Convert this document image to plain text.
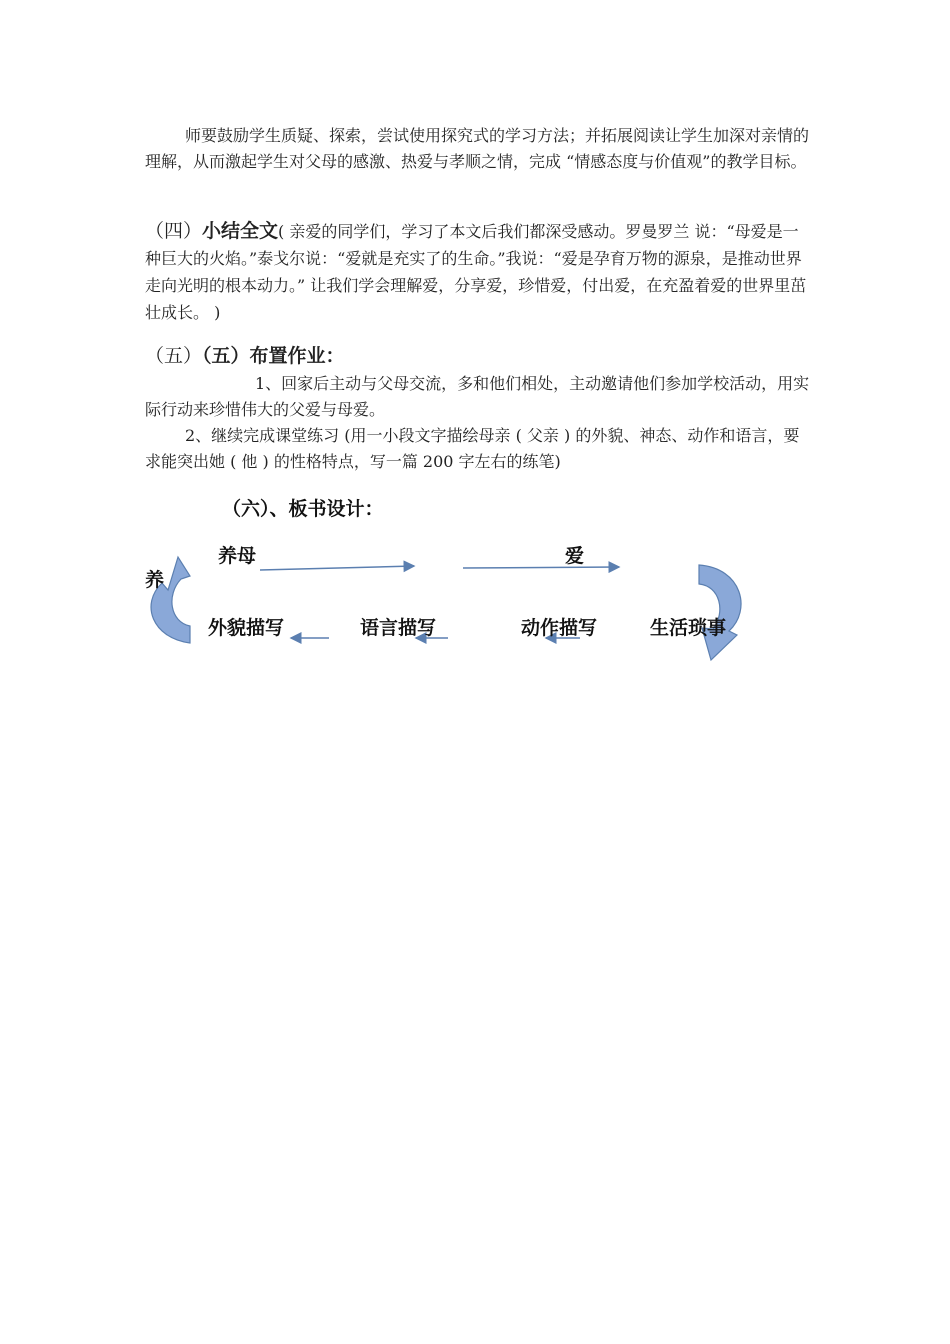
师要鼓励学生质疑、探索，尝试使用探究式的学习方法；并拓展阅读让学生加深对亲情的理解，从而激起学生对父母的感激、热爱与孝顺之情，完成 “情感态度与价值观”的教学目标。

（四）小结全文( 亲爱的同学们，学习了本文后我们都深受感动。罗曼罗兰 说：“母爱是一种巨大的火焰。”泰戈尔说：“爱就是充实了的生命。”我说：“爱是孕育万物的源泉，是推动世界走向光明的根本动力。” 让我们学会理解爱，分享爱，珍惜爱，付出爱，在充盈着爱的世界里茁壮成长。 )

（五）（五）布置作业：

1、回家后主动与父母交流，多和他们相处，主动邀请他们参加学校活动，用实际行动来珍惜伟大的父爱与母爱。

2、继续完成课堂练习 (用一小段文字描绘母亲 ( 父亲 ) 的外貌、神态、动作和语言，要求能突出她 ( 他 ) 的性格特点，写一篇 200 字左右的练笔)

（六）、板书设计：
养母	爱
养
外貌描写	语言描写	动作描写	生活琐事
